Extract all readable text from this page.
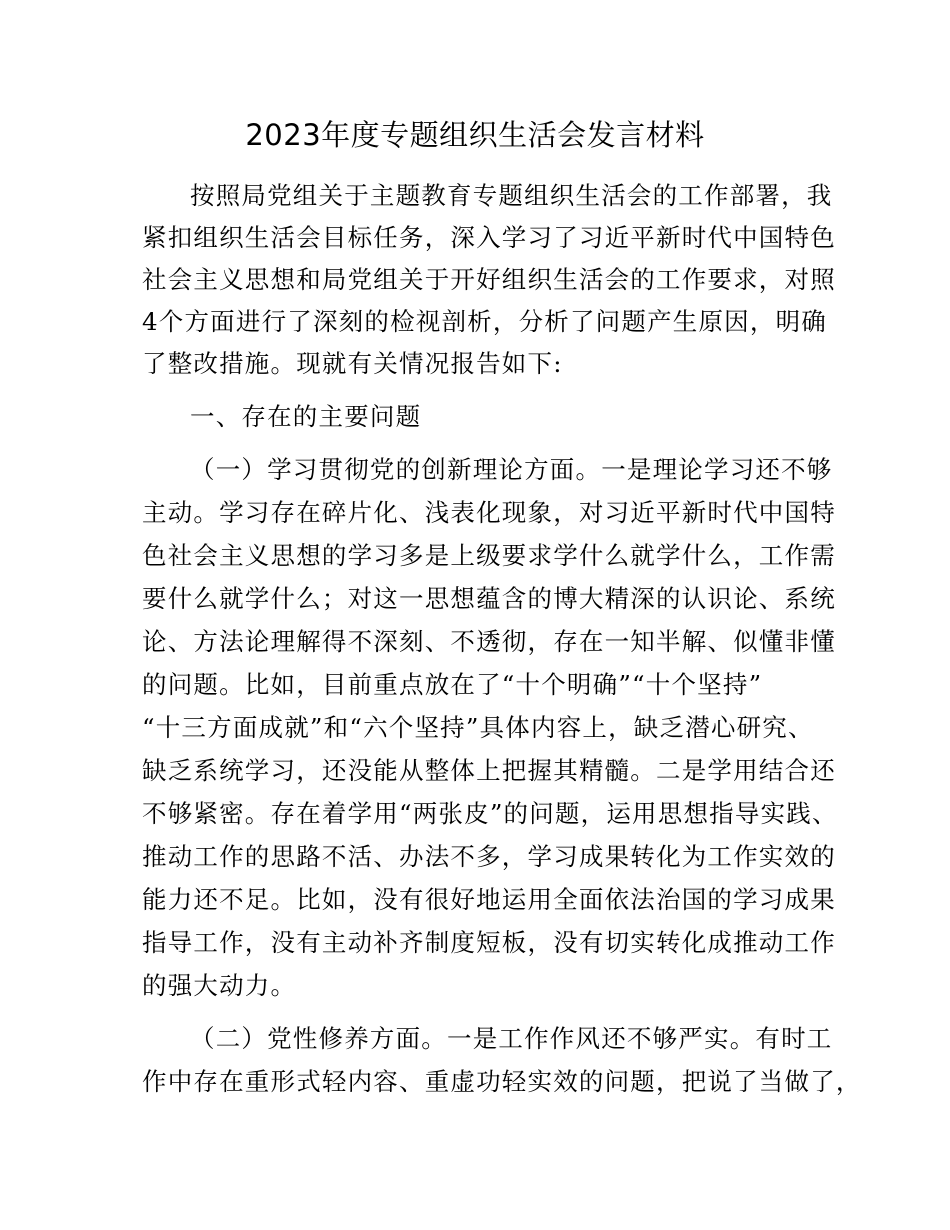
2023年度专题组织生活会发言材料
按照局党组关于主题教育专题组织生活会的工作部署，我
紧扣组织生活会目标任务，深入学习了习近平新时代中国特色
社会主义思想和局党组关于开好组织生活会的工作要求，对照
4个方面进行了深刻的检视剖析，分析了问题产生原因，明确
了整改措施。现就有关情况报告如下:
一、存在的主要问题
（一）学习贯彻党的创新理论方面。一是理论学习还不够
主动。学习存在碎片化、浅表化现象，对习近平新时代中国特
色社会主义思想的学习多是上级要求学什么就学什么，工作需
要什么就学什么；对这一思想蕴含的博大精深的认识论、系统
论、方法论理解得不深刻、不透彻，存在一知半解、似懂非懂
的问题。比如，目前重点放在了“十个明确”“十个坚持”
“十三方面成就”和“六个坚持”具体内容上，缺乏潜心研究、
缺乏系统学习，还没能从整体上把握其精髓。二是学用结合还
不够紧密。存在着学用“两张皮”的问题，运用思想指导实践、
推动工作的思路不活、办法不多，学习成果转化为工作实效的
能力还不足。比如，没有很好地运用全面依法治国的学习成果
指导工作，没有主动补齐制度短板，没有切实转化成推动工作
的强大动力。
（二）党性修养方面。一是工作作风还不够严实。有时工
作中存在重形式轻内容、重虚功轻实效的问题，把说了当做了，
